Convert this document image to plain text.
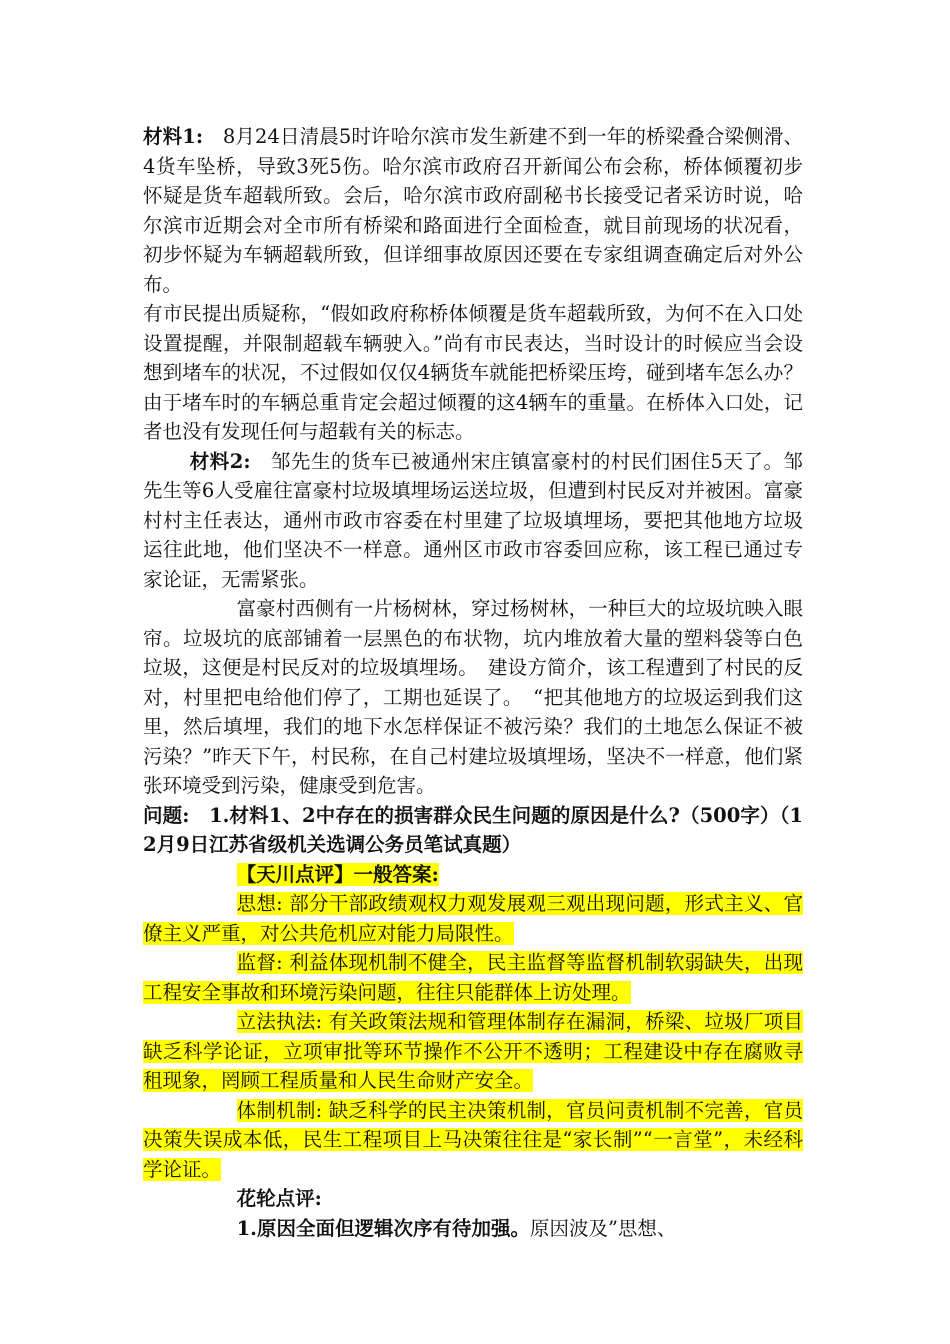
材料1:　8月24日清晨5时许哈尔滨市发生新建不到一年的桥梁叠合梁侧滑、4货车坠桥，导致3死5伤。哈尔滨市政府召开新闻公布会称，桥体倾覆初步怀疑是货车超载所致。会后，哈尔滨市政府副秘书长接受记者采访时说，哈尔滨市近期会对全市所有桥梁和路面进行全面检查，就目前现场的状况看，初步怀疑为车辆超载所致，但详细事故原因还要在专家组调查确定后对外公布。

有市民提出质疑称，“假如政府称桥体倾覆是货车超载所致，为何不在入口处设置提醒，并限制超载车辆驶入。”尚有市民表达，当时设计的时候应当会设想到堵车的状况，不过假如仅仅4辆货车就能把桥梁压垮，碰到堵车怎么办？由于堵车时的车辆总重肯定会超过倾覆的这4辆车的重量。在桥体入口处，记者也没有发现任何与超载有关的标志。

材料2:　 邹先生的货车已被通州宋庄镇富豪村的村民们困住5天了。邹先生等6人受雇往富豪村垃圾填埋场运送垃圾，但遭到村民反对并被困。富豪村村主任表达，通州市政市容委在村里建了垃圾填埋场，要把其他地方垃圾运往此地，他们坚决不一样意。通州区市政市容委回应称，该工程已通过专家论证，无需紧张。

富豪村西侧有一片杨树林，穿过杨树林，一种巨大的垃圾坑映入眼帘。垃圾坑的底部铺着一层黑色的布状物，坑内堆放着大量的塑料袋等白色垃圾，这便是村民反对的垃圾填埋场。　建设方简介，该工程遭到了村民的反对，村里把电给他们停了，工期也延误了。　“把其他地方的垃圾运到我们这里，然后填埋，我们的地下水怎样保证不被污染？我们的土地怎么保证不被污染？”昨天下午，村民称，在自己村建垃圾填埋场，坚决不一样意，他们紧张环境受到污染，健康受到危害。

问题:　1.材料1、2中存在的损害群众民生问题的原因是什么?（500字）（12月9日江苏省级机关选调公务员笔试真题）

【天川点评】一般答案:

思想: 部分干部政绩观权力观发展观三观出现问题，形式主义、官僚主义严重，对公共危机应对能力局限性。

监督: 利益体现机制不健全，民主监督等监督机制软弱缺失，出现工程安全事故和环境污染问题，往往只能群体上访处理。

立法执法: 有关政策法规和管理体制存在漏洞，桥梁、垃圾厂项目缺乏科学论证，立项审批等环节操作不公开不透明；工程建设中存在腐败寻租现象，罔顾工程质量和人民生命财产安全。

体制机制: 缺乏科学的民主决策机制，官员问责机制不完善，官员决策失误成本低，民生工程项目上马决策往往是“家长制”“一言堂”，未经科学论证。

花轮点评:

1.原因全面但逻辑次序有待加强。原因波及”思想、
